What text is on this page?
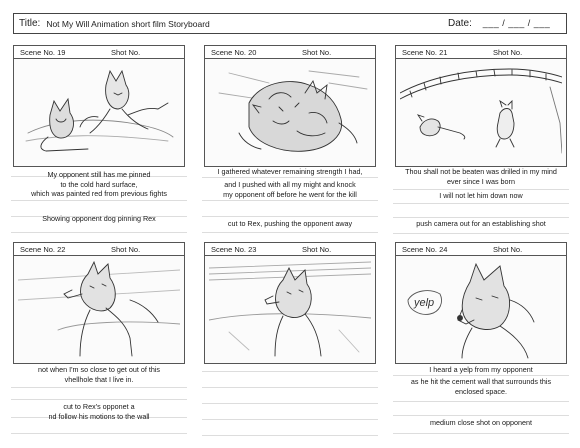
Title: Not My Will Animation short film Storyboard	Date: ___ / ___ / ___
Scene No. 19	Shot No.	Scene No. 20	Shot No.	Scene No. 21	Shot No.
Scene No. 22	Shot No.	Scene No. 23	Shot No.	Scene No. 24	Shot No.
yelp
My opponent still has me pinned
to the cold hard surface,
which was painted red from previous fights
Showing opponent dog pinning Rex
I gathered whatever remaining strength I had,
and I pushed with all my might and knock
my opponent off before he went for the kill
cut to Rex, pushing the opponent away
Thou shall not be beaten was drilled in my mind
ever since I was born
I will not let him down now
push camera out for an establishing shot
not when I'm so close to get out of this
vhellhole that I live in.
cut to Rex's opponet a
nd follow his motions to the wall
I heard a yelp from my opponent
as he hit the cement wall that surrounds this
enclosed space.
medium close shot on opponent
